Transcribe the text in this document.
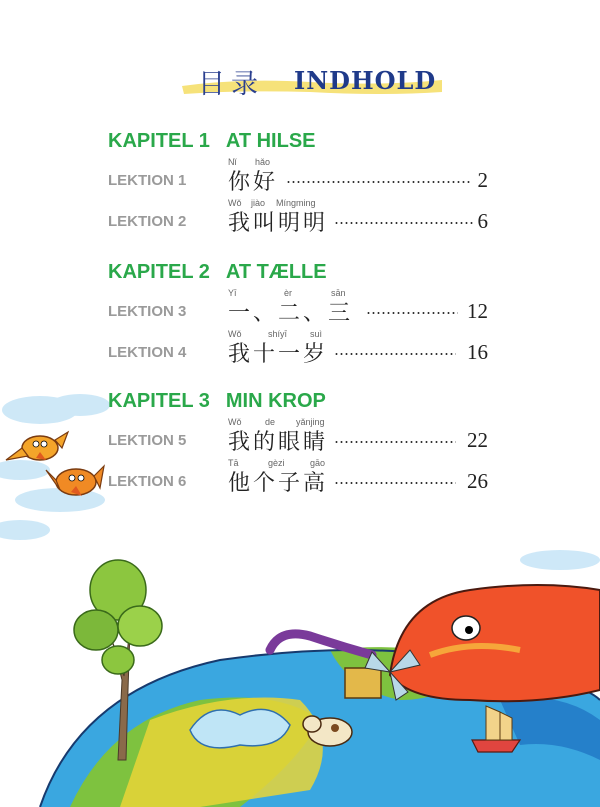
目录 INDHOLD
KAPITEL 1 AT HILSE
LEKTION 1
Nǐ hǎo
你好	2
LEKTION 2
Wǒ jiào Míngming
我叫明明	6
KAPITEL 2 AT TÆLLE
LEKTION 3
Yī	èr	sān
一、二、三	12
LEKTION 4
Wǒ	shíyī	suì
我十一岁	16
KAPITEL 3 MIN KROP
LEKTION 5
Wǒ	de yǎnjing
我的眼睛	22
LEKTION 6
Tā	gèzi	gāo
他个子高	26
